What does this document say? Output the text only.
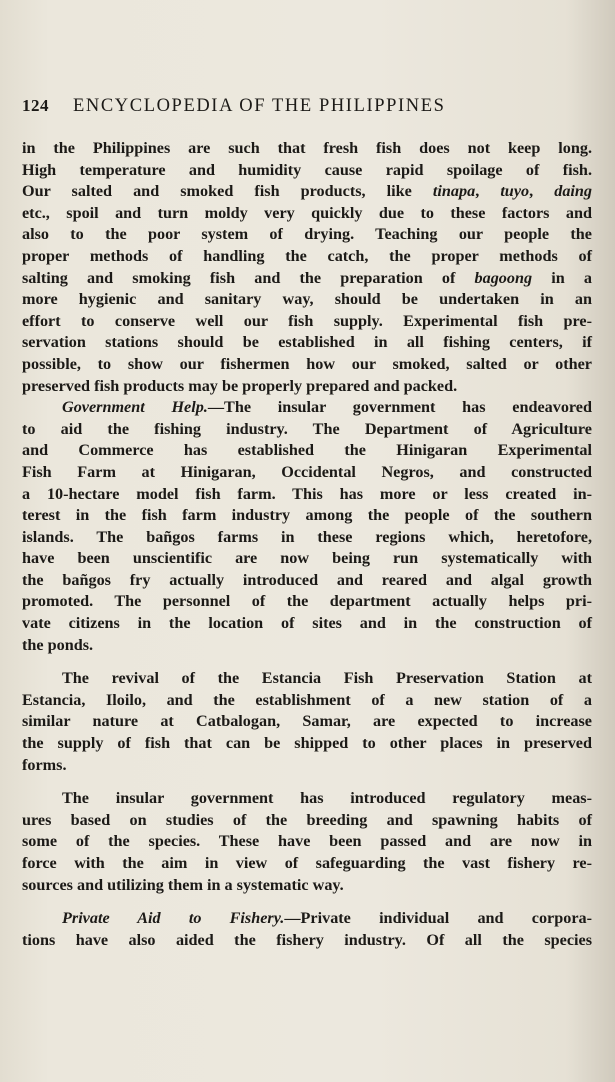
124 ENCYCLOPEDIA OF THE PHILIPPINES
in the Philippines are such that fresh fish does not keep long.
High temperature and humidity cause rapid spoilage of fish.
Our salted and smoked fish products, like tinapa, tuyo, daing
etc., spoil and turn moldy very quickly due to these factors and
also to the poor system of drying. Teaching our people the
proper methods of handling the catch, the proper methods of
salting and smoking fish and the preparation of bagoong in a
more hygienic and sanitary way, should be undertaken in an
effort to conserve well our fish supply. Experimental fish pre-
servation stations should be established in all fishing centers, if
possible, to show our fishermen how our smoked, salted or other
preserved fish products may be properly prepared and packed.
Government Help.—The insular government has endeavored
to aid the fishing industry. The Department of Agriculture
and Commerce has established the Hinigaran Experimental
Fish Farm at Hinigaran, Occidental Negros, and constructed
a 10-hectare model fish farm. This has more or less created in-
terest in the fish farm industry among the people of the southern
islands. The bañgos farms in these regions which, heretofore,
have been unscientific are now being run systematically with
the bañgos fry actually introduced and reared and algal growth
promoted. The personnel of the department actually helps pri-
vate citizens in the location of sites and in the construction of
the ponds.
The revival of the Estancia Fish Preservation Station at
Estancia, Iloilo, and the establishment of a new station of a
similar nature at Catbalogan, Samar, are expected to increase
the supply of fish that can be shipped to other places in preserved
forms.
The insular government has introduced regulatory meas-
ures based on studies of the breeding and spawning habits of
some of the species. These have been passed and are now in
force with the aim in view of safeguarding the vast fishery re-
sources and utilizing them in a systematic way.
Private Aid to Fishery.—Private individual and corpora-
tions have also aided the fishery industry. Of all the species
